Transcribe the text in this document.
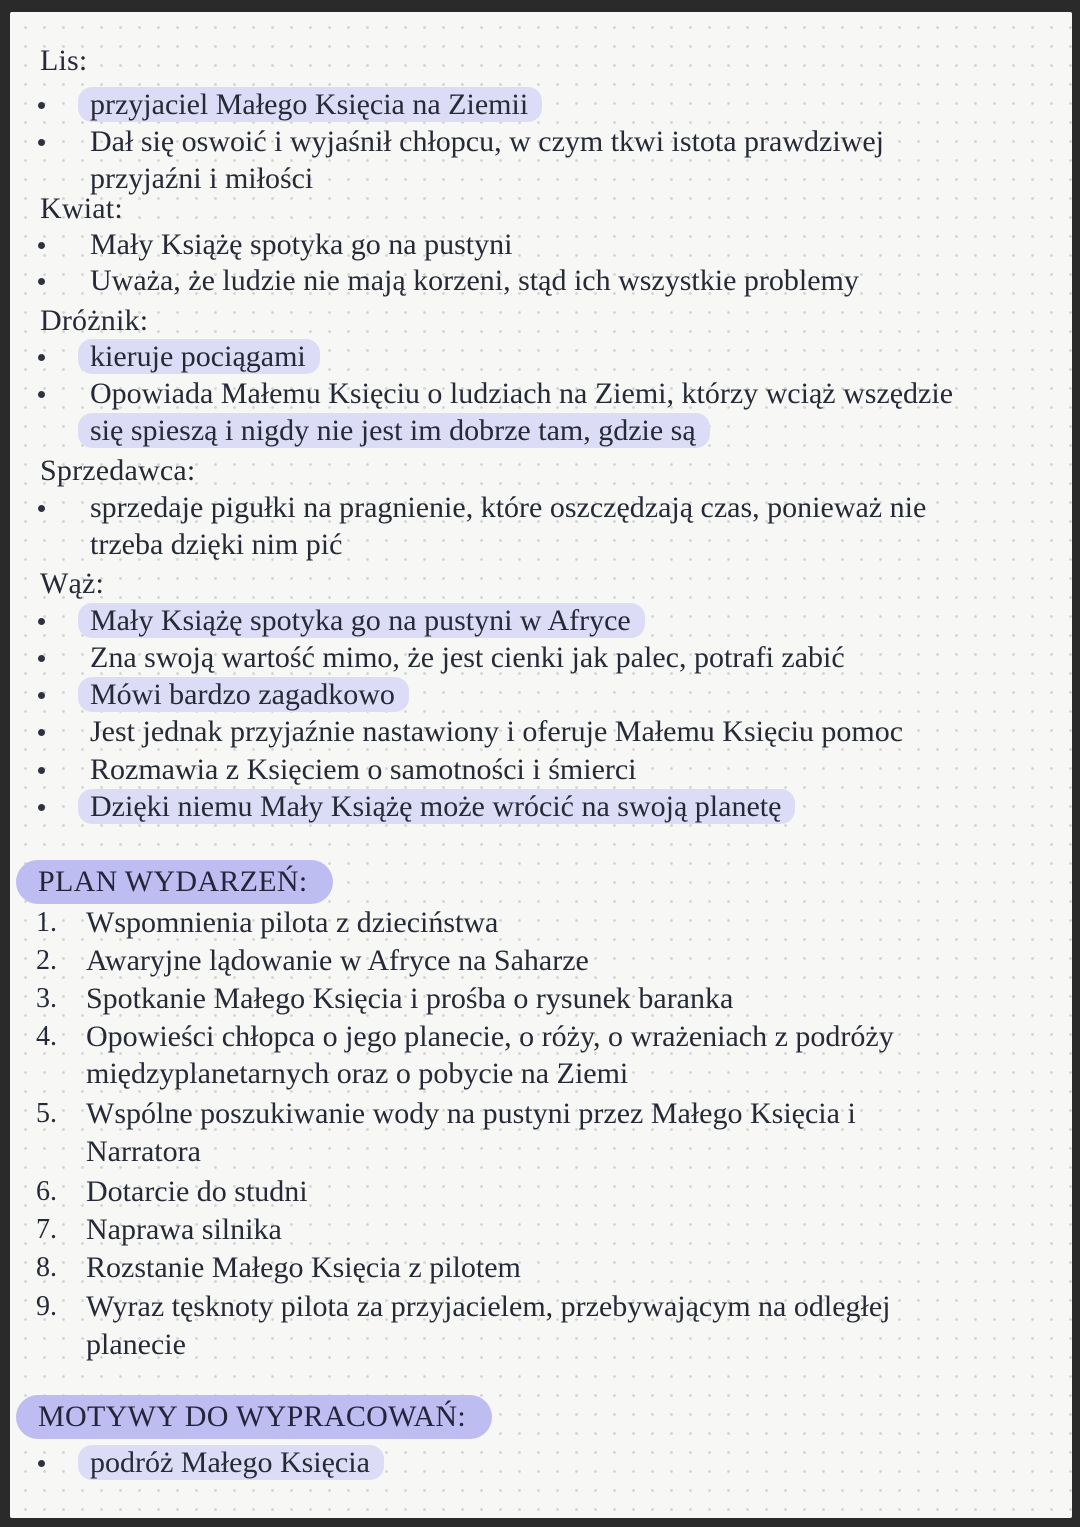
Lis:
przyjaciel Małego Księcia na Ziemii
Dał się oswoić i wyjaśnił chłopcu, w czym tkwi istota prawdziwej
przyjaźni i miłości
Kwiat:
Mały Książę spotyka go na pustyni
Uważa, że ludzie nie mają korzeni, stąd ich wszystkie problemy
Dróżnik:
kieruje pociągami
Opowiada Małemu Księciu o ludziach na Ziemi, którzy wciąż wszędzie
się spieszą i nigdy nie jest im dobrze tam, gdzie są
Sprzedawca:
sprzedaje pigułki na pragnienie, które oszczędzają czas, ponieważ nie
trzeba dzięki nim pić
Wąż:
Mały Książę spotyka go na pustyni w Afryce
Zna swoją wartość mimo, że jest cienki jak palec, potrafi zabić
Mówi bardzo zagadkowo
Jest jednak przyjaźnie nastawiony i oferuje Małemu Księciu pomoc
Rozmawia z Księciem o samotności i śmierci
Dzięki niemu Mały Książę może wrócić na swoją planetę
PLAN WYDARZEŃ:
1. Wspomnienia pilota z dzieciństwa
2. Awaryjne lądowanie w Afryce na Saharze
3. Spotkanie Małego Księcia i prośba o rysunek baranka
4. Opowieści chłopca o jego planecie, o róży, o wrażeniach z podróży
międzyplanetarnych oraz o pobycie na Ziemi
5. Wspólne poszukiwanie wody na pustyni przez Małego Księcia i
Narratora
6. Dotarcie do studni
7. Naprawa silnika
8. Rozstanie Małego Księcia z pilotem
9. Wyraz tęsknoty pilota za przyjacielem, przebywającym na odległej
planecie
MOTYWY DO WYPRACOWAŃ:
podróż Małego Księcia
